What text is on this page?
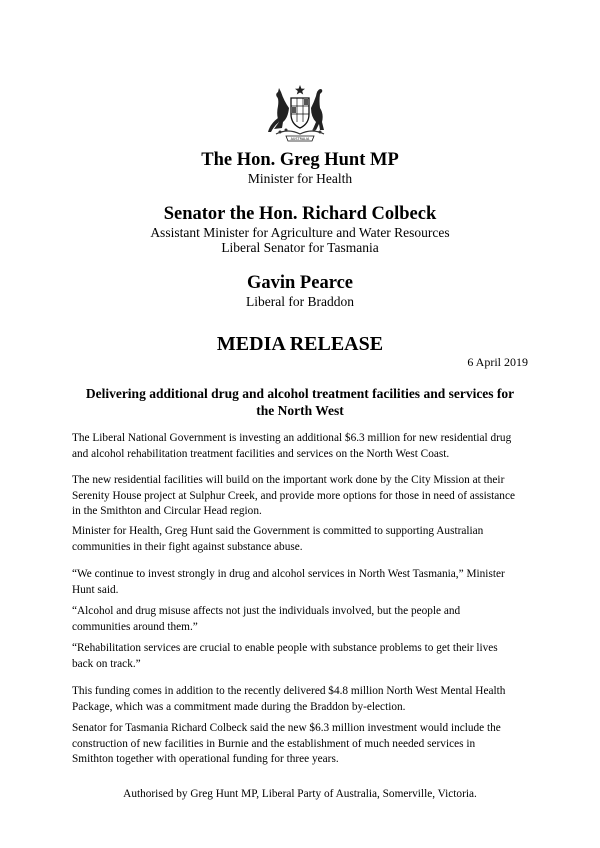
AUSTRALIA
The Hon. Greg Hunt MP
Minister for Health
Senator the Hon. Richard Colbeck
Assistant Minister for Agriculture and Water Resources
Liberal Senator for Tasmania
Gavin Pearce
Liberal for Braddon
MEDIA RELEASE
6 April 2019
Delivering additional drug and alcohol treatment facilities and services for
the North West
The Liberal National Government is investing an additional $6.3 million for new residential drug
and alcohol rehabilitation treatment facilities and services on the North West Coast.
The new residential facilities will build on the important work done by the City Mission at their
Serenity House project at Sulphur Creek, and provide more options for those in need of assistance
in the Smithton and Circular Head region.
Minister for Health, Greg Hunt said the Government is committed to supporting Australian
communities in their fight against substance abuse.
“We continue to invest strongly in drug and alcohol services in North West Tasmania,” Minister
Hunt said.
“Alcohol and drug misuse affects not just the individuals involved, but the people and
communities around them.”
“Rehabilitation services are crucial to enable people with substance problems to get their lives
back on track.”
This funding comes in addition to the recently delivered $4.8 million North West Mental Health
Package, which was a commitment made during the Braddon by-election.
Senator for Tasmania Richard Colbeck said the new $6.3 million investment would include the
construction of new facilities in Burnie and the establishment of much needed services in
Smithton together with operational funding for three years.
Authorised by Greg Hunt MP, Liberal Party of Australia, Somerville, Victoria.
